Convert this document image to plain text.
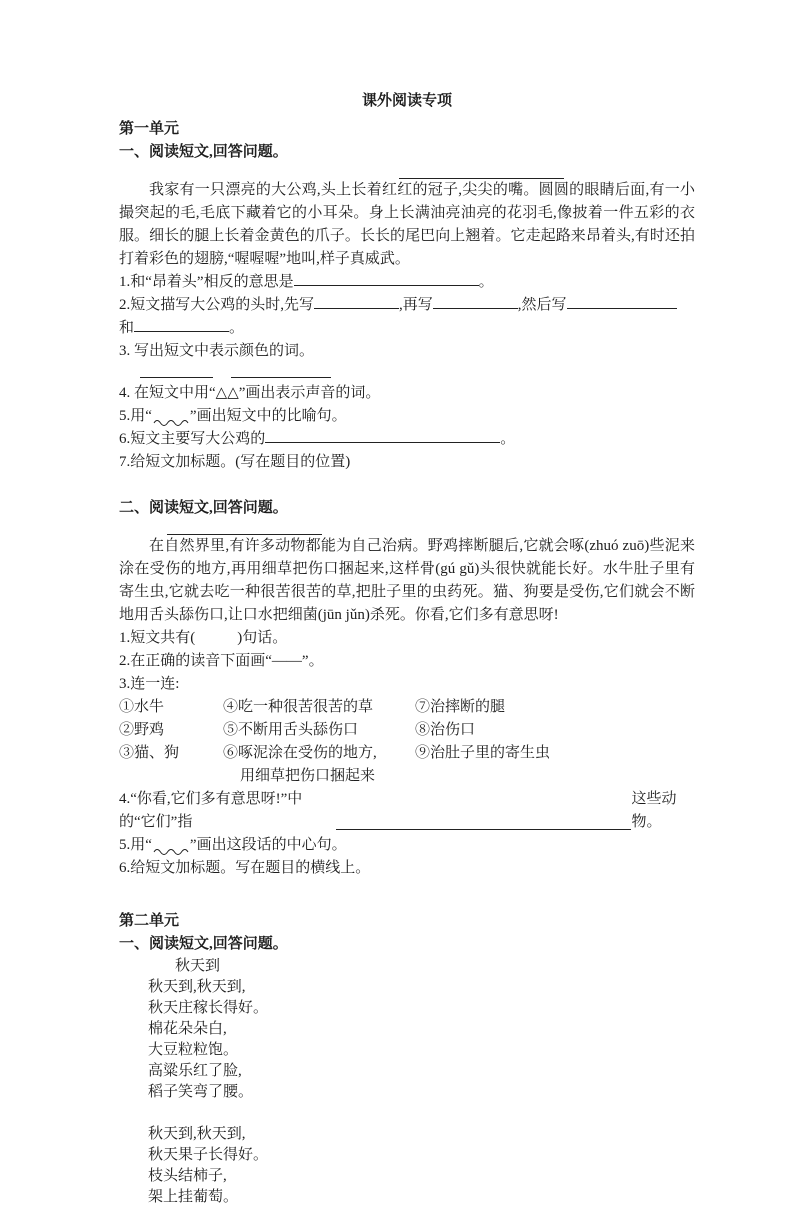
课外阅读专项
第一单元
一、阅读短文,回答问题。

我家有一只漂亮的大公鸡,头上长着红红的冠子,尖尖的嘴。圆圆的眼睛后面,有一小撮突起的毛,毛底下藏着它的小耳朵。身上长满油亮油亮的花羽毛,像披着一件五彩的衣服。细长的腿上长着金黄色的爪子。长长的尾巴向上翘着。它走起路来昂着头,有时还拍打着彩色的翅膀,“喔喔喔”地叫,样子真威武。

1.和“昂着头”相反的意思是	。
2.短文描写大公鸡的头时,先写	,再写	,然后写
和	。
3. 写出短文中表示颜色的词。
4. 在短文中用“△△”画出表示声音的词。
5.用“	”画出短文中的比喻句。
6.短文主要写大公鸡的	。
7.给短文加标题。(写在题目的位置)
二、阅读短文,回答问题。

在自然界里,有许多动物都能为自己治病。野鸡摔断腿后,它就会啄(zhuó zuō)些泥来涂在受伤的地方,再用细草把伤口捆起来,这样骨(gú gǔ)头很快就能长好。水牛肚子里有寄生虫,它就去吃一种很苦很苦的草,把肚子里的虫药死。猫、狗要是受伤,它们就会不断地用舌头舔伤口,让口水把细菌(jūn jǔn)杀死。你看,它们多有意思呀!

1.短文共有(	)句话。
2.在正确的读音下面画“——”。
3.连一连:
①水牛	④吃一种很苦很苦的草	⑦治摔断的腿
②野鸡	⑤不断用舌头舔伤口	⑧治伤口
③猫、狗	⑥啄泥涂在受伤的地方,	⑨治肚子里的寄生虫
用细草把伤口捆起来
4.“你看,它们多有意思呀!”中的“它们”指
这些动物。
5.用“	”画出这段话的中心句。
6.给短文加标题。写在题目的横线上。
第二单元
一、阅读短文,回答问题。
秋天到
秋天到,秋天到,
秋天庄稼长得好。
棉花朵朵白,
大豆粒粒饱。
高粱乐红了脸,
稻子笑弯了腰。
秋天到,秋天到,
秋天果子长得好。
枝头结柿子,
架上挂葡萄。
